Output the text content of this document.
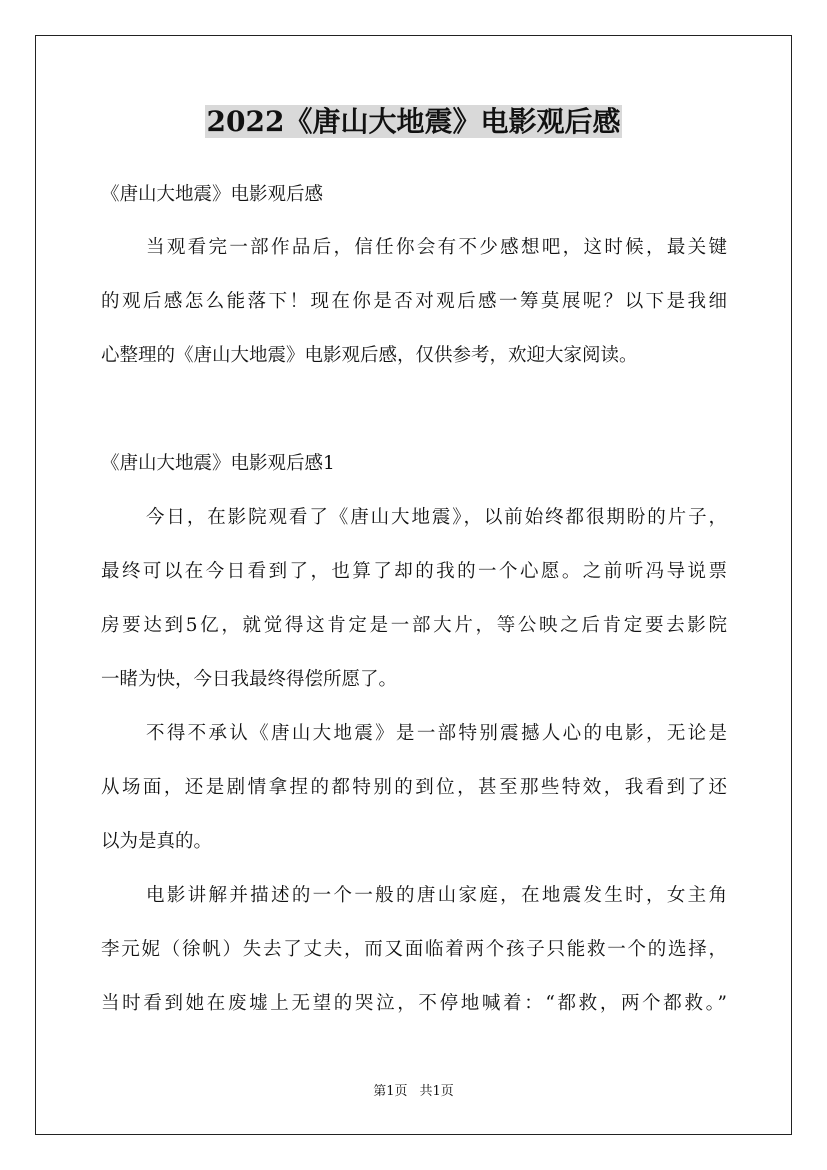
2022《唐山大地震》电影观后感

《唐山大地震》电影观后感

当观看完一部作品后，信任你会有不少感想吧，这时候，最关键

的观后感怎么能落下！现在你是否对观后感一筹莫展呢？以下是我细

心整理的《唐山大地震》电影观后感，仅供参考，欢迎大家阅读。

《唐山大地震》电影观后感1

今日，在影院观看了《唐山大地震》，以前始终都很期盼的片子，

最终可以在今日看到了，也算了却的我的一个心愿。之前听冯导说票

房要达到5亿，就觉得这肯定是一部大片，等公映之后肯定要去影院

一睹为快，今日我最终得偿所愿了。

不得不承认《唐山大地震》是一部特别震撼人心的电影，无论是

从场面，还是剧情拿捏的都特别的到位，甚至那些特效，我看到了还

以为是真的。

电影讲解并描述的一个一般的唐山家庭，在地震发生时，女主角

李元妮（徐帆）失去了丈夫，而又面临着两个孩子只能救一个的选择，

当时看到她在废墟上无望的哭泣，不停地喊着：“都救，两个都救。”

第1页 共1页
